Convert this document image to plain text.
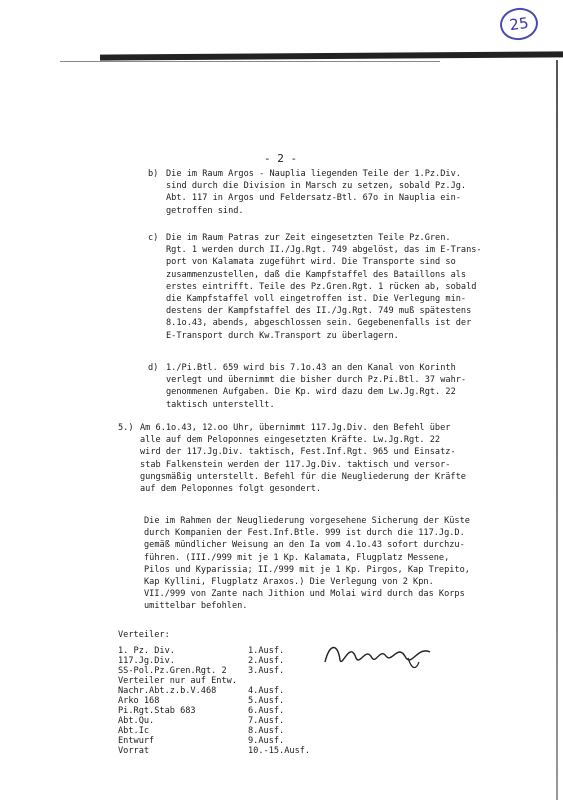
25
- 2 -
b) Die im Raum Argos - Nauplia liegenden Teile der 1.Pz.Div.
sind durch die Division in Marsch zu setzen, sobald Pz.Jg.
Abt. 117 in Argos und Feldersatz-Btl. 67o in Nauplia ein-
getroffen sind.
c) Die im Raum Patras zur Zeit eingesetzten Teile Pz.Gren.
Rgt. 1 werden durch II./Jg.Rgt. 749 abgelöst, das im E-Trans-
port von Kalamata zugeführt wird. Die Transporte sind so
zusammenzustellen, daß die Kampfstaffel des Bataillons als
erstes eintrifft. Teile des Pz.Gren.Rgt. 1 rücken ab, sobald
die Kampfstaffel voll eingetroffen ist. Die Verlegung min-
destens der Kampfstaffel des II./Jg.Rgt. 749 muß spätestens
8.1o.43, abends, abgeschlossen sein. Gegebenenfalls ist der
E-Transport durch Kw.Transport zu überlagern.
d) 1./Pi.Btl. 659 wird bis 7.1o.43 an den Kanal von Korinth
verlegt und übernimmt die bisher durch Pz.Pi.Btl. 37 wahr-
genommenen Aufgaben. Die Kp. wird dazu dem Lw.Jg.Rgt. 22
taktisch unterstellt.
5.) Am 6.1o.43, 12.oo Uhr, übernimmt 117.Jg.Div. den Befehl über
alle auf dem Peloponnes eingesetzten Kräfte. Lw.Jg.Rgt. 22
wird der 117.Jg.Div. taktisch, Fest.Inf.Rgt. 965 und Einsatz-
stab Falkenstein werden der 117.Jg.Div. taktisch und versor-
gungsmäßig unterstellt. Befehl für die Neugliederung der Kräfte
auf dem Peloponnes folgt gesondert.
Die im Rahmen der Neugliederung vorgesehene Sicherung der Küste
durch Kompanien der Fest.Inf.Btle. 999 ist durch die 117.Jg.D.
gemäß mündlicher Weisung an den Ia vom 4.1o.43 sofort durchzu-
führen. (III./999 mit je 1 Kp. Kalamata, Flugplatz Messene,
Pilos und Kyparissia; II./999 mit je 1 Kp. Pirgos, Kap Trepito,
Kap Kyllini, Flugplatz Araxos.) Die Verlegung von 2 Kpn.
VII./999 von Zante nach Jithion und Molai wird durch das Korps
umittelbar befohlen.
Verteiler:
1. Pz. Div.	1.Ausf.
117.Jg.Div.	2.Ausf.
SS-Pol.Pz.Gren.Rgt. 2	3.Ausf.
Verteiler nur auf Entw.
Nachr.Abt.z.b.V.468	4.Ausf.
Arko 168	5.Ausf.
Pi.Rgt.Stab 683	6.Ausf.
Abt.Qu.	7.Ausf.
Abt.Ic	8.Ausf.
Entwurf	9.Ausf.
Vorrat	10.-15.Ausf.
